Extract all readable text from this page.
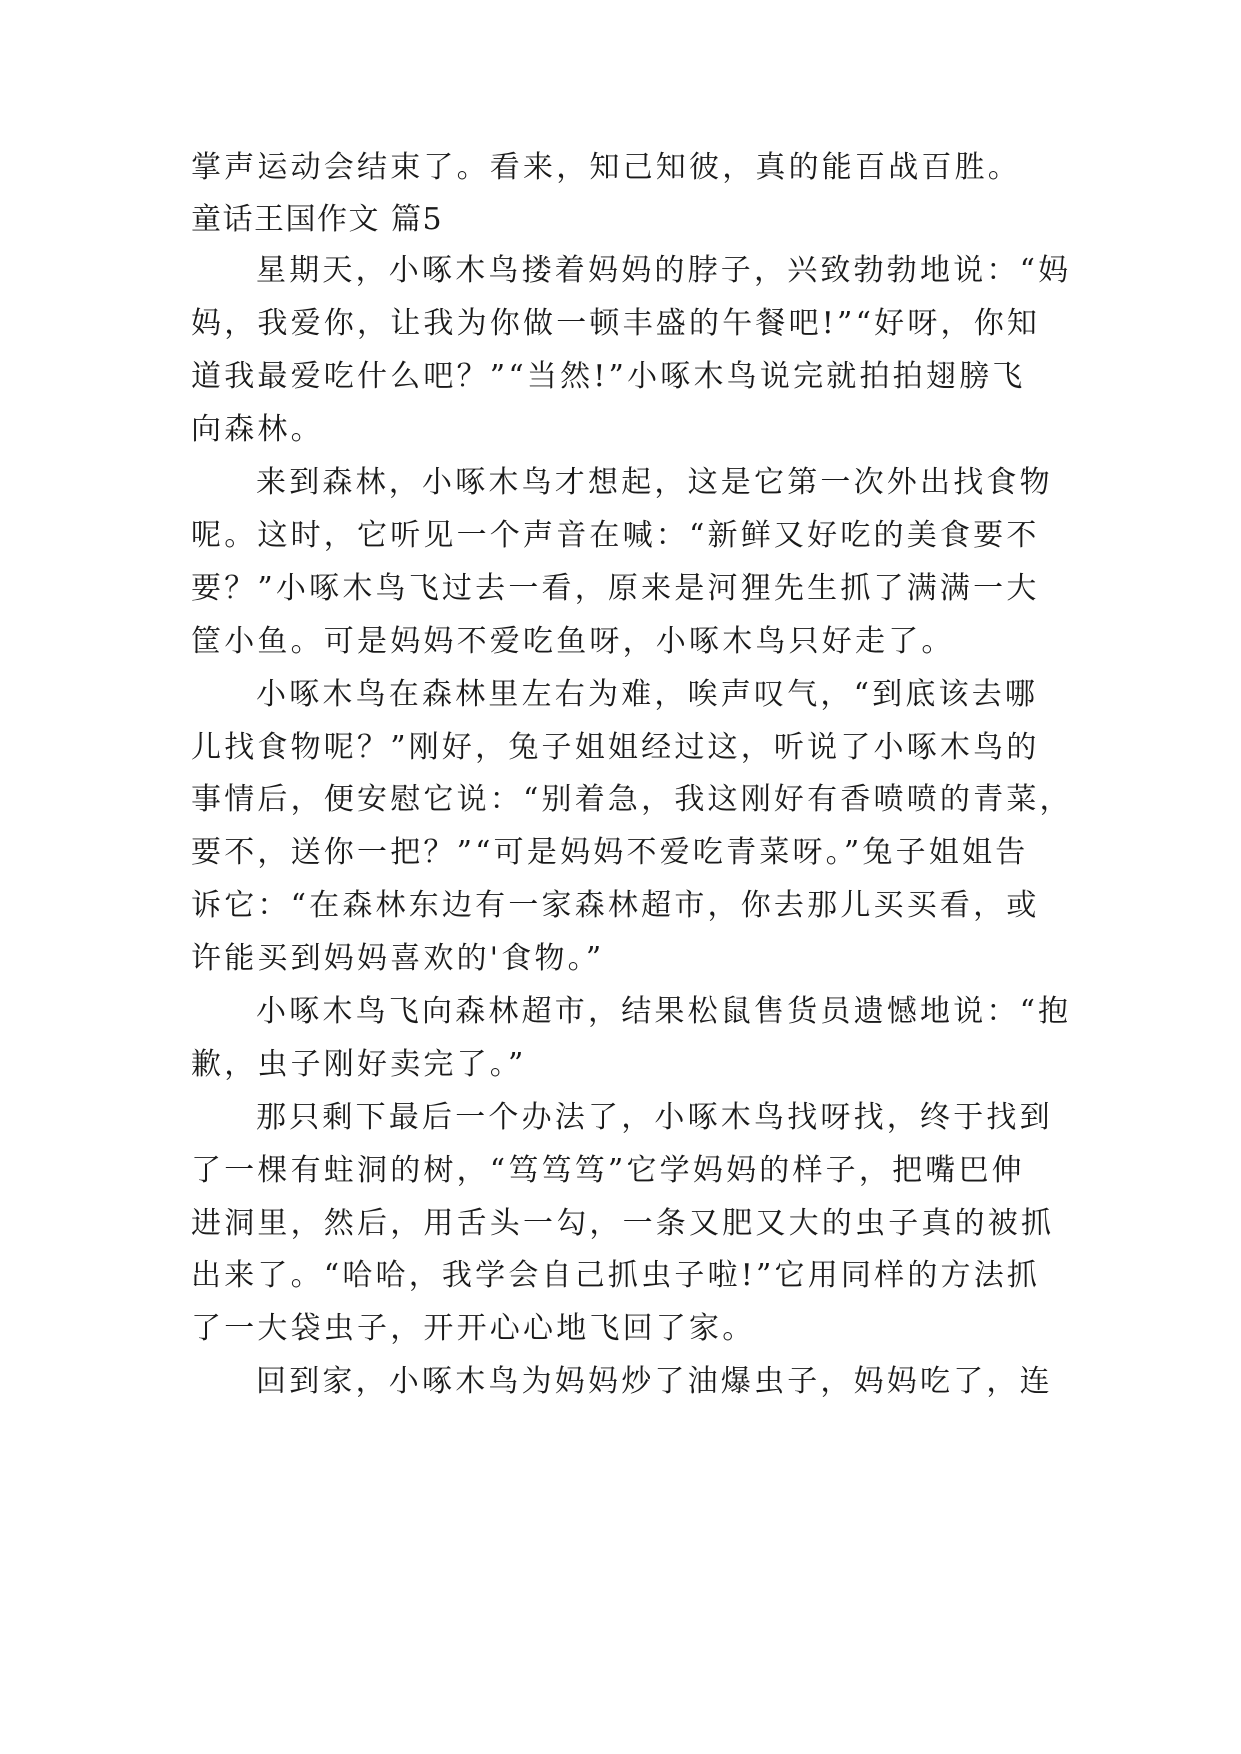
掌声运动会结束了。看来，知己知彼，真的能百战百胜。
童话王国作文 篇5
星期天，小啄木鸟搂着妈妈的脖子，兴致勃勃地说：“妈
妈，我爱你，让我为你做一顿丰盛的午餐吧!”“好呀，你知
道我最爱吃什么吧？”“当然!”小啄木鸟说完就拍拍翅膀飞
向森林。
来到森林，小啄木鸟才想起，这是它第一次外出找食物
呢。这时，它听见一个声音在喊：“新鲜又好吃的美食要不
要？”小啄木鸟飞过去一看，原来是河狸先生抓了满满一大
筐小鱼。可是妈妈不爱吃鱼呀，小啄木鸟只好走了。
小啄木鸟在森林里左右为难，唉声叹气，“到底该去哪
儿找食物呢？”刚好，兔子姐姐经过这，听说了小啄木鸟的
事情后，便安慰它说：“别着急，我这刚好有香喷喷的青菜，
要不，送你一把？”“可是妈妈不爱吃青菜呀。”兔子姐姐告
诉它：“在森林东边有一家森林超市，你去那儿买买看，或
许能买到妈妈喜欢的'食物。”
小啄木鸟飞向森林超市，结果松鼠售货员遗憾地说：“抱
歉，虫子刚好卖完了。”
那只剩下最后一个办法了，小啄木鸟找呀找，终于找到
了一棵有蛀洞的树，“笃笃笃”它学妈妈的样子，把嘴巴伸
进洞里，然后，用舌头一勾，一条又肥又大的虫子真的被抓
出来了。“哈哈，我学会自己抓虫子啦!”它用同样的方法抓
了一大袋虫子，开开心心地飞回了家。
回到家，小啄木鸟为妈妈炒了油爆虫子，妈妈吃了，连
